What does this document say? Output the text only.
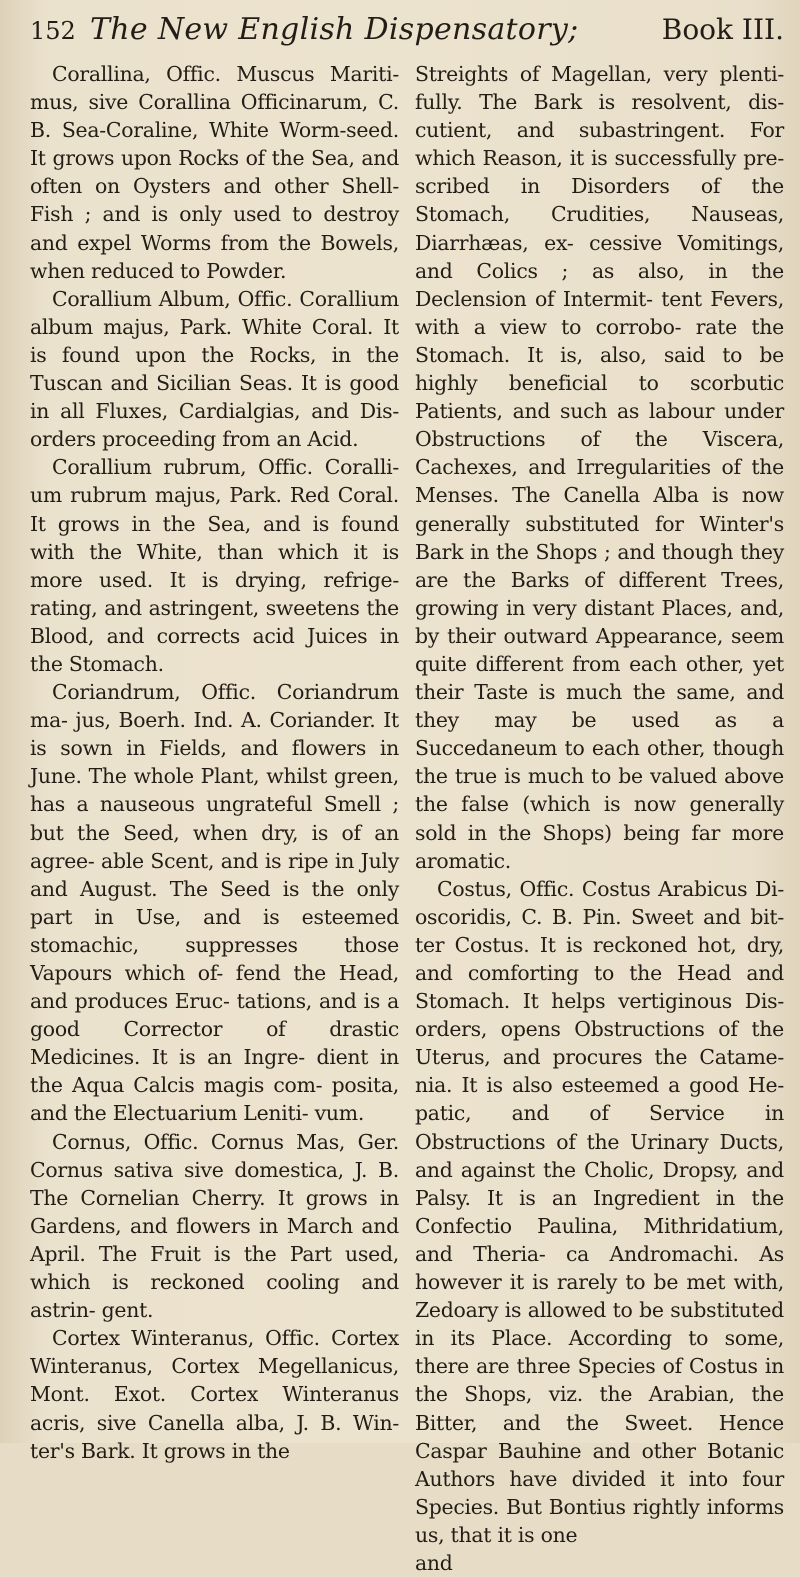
152 The New English Dispensatory;	Book III.

Corallina, Offic. Muscus Mariti- mus, sive Corallina Officinarum, C. B. Sea-Coraline, White Worm-seed. It grows upon Rocks of the Sea, and often on Oysters and other Shell- Fish ; and is only used to destroy and expel Worms from the Bowels, when reduced to Powder.

Corallium Album, Offic. Corallium album majus, Park. White Coral. It is found upon the Rocks, in the Tuscan and Sicilian Seas. It is good in all Fluxes, Cardialgias, and Dis- orders proceeding from an Acid.

Corallium rubrum, Offic. Coralli- um rubrum majus, Park. Red Coral. It grows in the Sea, and is found with the White, than which it is more used. It is drying, refrige- rating, and astringent, sweetens the Blood, and corrects acid Juices in the Stomach.

Coriandrum, Offic. Coriandrum ma- jus, Boerh. Ind. A. Coriander. It is sown in Fields, and flowers in June. The whole Plant, whilst green, has a nauseous ungrateful Smell ; but the Seed, when dry, is of an agree- able Scent, and is ripe in July and August. The Seed is the only part in Use, and is esteemed stomachic, suppresses those Vapours which of- fend the Head, and produces Eruc- tations, and is a good Corrector of drastic Medicines. It is an Ingre- dient in the Aqua Calcis magis com- posita, and the Electuarium Leniti- vum.

Cornus, Offic. Cornus Mas, Ger. Cornus sativa sive domestica, J. B. The Cornelian Cherry. It grows in Gardens, and flowers in March and April. The Fruit is the Part used, which is reckoned cooling and astrin- gent.

Cortex Winteranus, Offic. Cortex Winteranus, Cortex Megellanicus, Mont. Exot. Cortex Winteranus acris, sive Canella alba, J. B. Win- ter's Bark. It grows in the

Streights of Magellan, very plenti- fully. The Bark is resolvent, dis- cutient, and subastringent. For which Reason, it is successfully pre- scribed in Disorders of the Stomach, Crudities, Nauseas, Diarrhæas, ex- cessive Vomitings, and Colics ; as also, in the Declension of Intermit- tent Fevers, with a view to corrobo- rate the Stomach. It is, also, said to be highly beneficial to scorbutic Patients, and such as labour under Obstructions of the Viscera, Cachexes, and Irregularities of the Menses. The Canella Alba is now generally substituted for Winter's Bark in the Shops ; and though they are the Barks of different Trees, growing in very distant Places, and, by their outward Appearance, seem quite different from each other, yet their Taste is much the same, and they may be used as a Succedaneum to each other, though the true is much to be valued above the false (which is now generally sold in the Shops) being far more aromatic.

Costus, Offic. Costus Arabicus Di- oscoridis, C. B. Pin. Sweet and bit- ter Costus. It is reckoned hot, dry, and comforting to the Head and Stomach. It helps vertiginous Dis- orders, opens Obstructions of the Uterus, and procures the Catame- nia. It is also esteemed a good He- patic, and of Service in Obstructions of the Urinary Ducts, and against the Cholic, Dropsy, and Palsy. It is an Ingredient in the Confectio Paulina, Mithridatium, and Theria- ca Andromachi. As however it is rarely to be met with, Zedoary is allowed to be substituted in its Place. According to some, there are three Species of Costus in the Shops, viz. the Arabian, the Bitter, and the Sweet. Hence Caspar Bauhine and other Botanic Authors have divided it into four Species. But Bontius rightly informs us, that it is one

and
